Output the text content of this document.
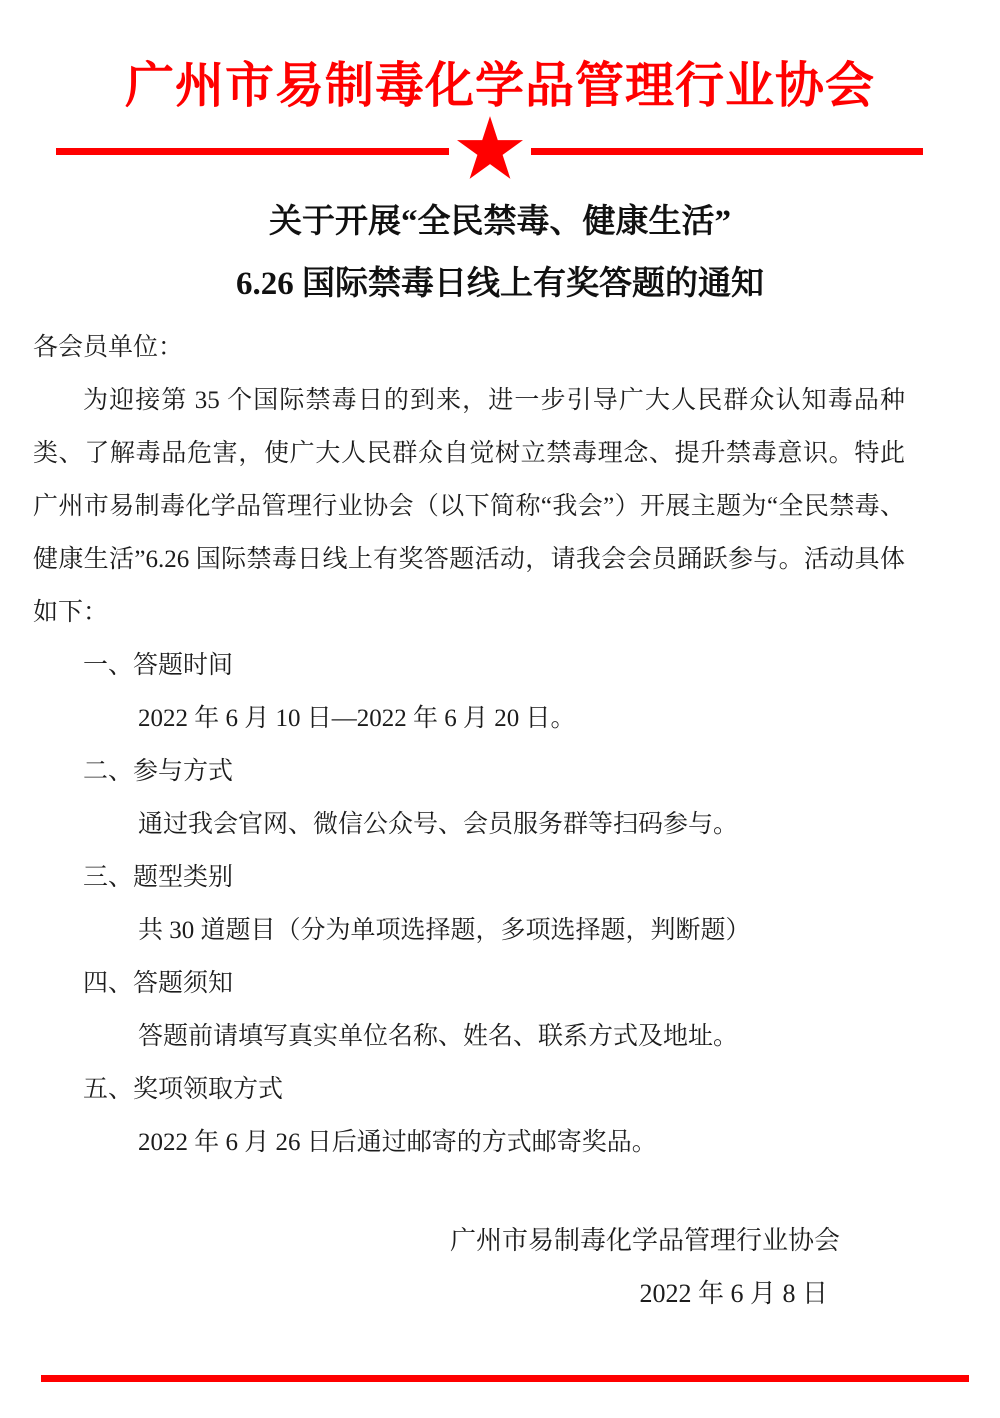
广州市易制毒化学品管理行业协会
关于开展“全民禁毒、健康生活”
6.26 国际禁毒日线上有奖答题的通知
各会员单位：

为迎接第 35 个国际禁毒日的到来，进一步引导广大人民群众认知毒品种类、了解毒品危害，使广大人民群众自觉树立禁毒理念、提升禁毒意识。特此广州市易制毒化学品管理行业协会（以下简称“我会”）开展主题为“全民禁毒、健康生活”6.26 国际禁毒日线上有奖答题活动，请我会会员踊跃参与。活动具体如下：

一、答题时间
2022 年 6 月 10 日—2022 年 6 月 20 日。
二、参与方式
通过我会官网、微信公众号、会员服务群等扫码参与。
三、题型类别
共 30 道题目（分为单项选择题，多项选择题，判断题）
四、答题须知
答题前请填写真实单位名称、姓名、联系方式及地址。
五、奖项领取方式
2022 年 6 月 26 日后通过邮寄的方式邮寄奖品。
广州市易制毒化学品管理行业协会
2022 年 6 月 8 日
